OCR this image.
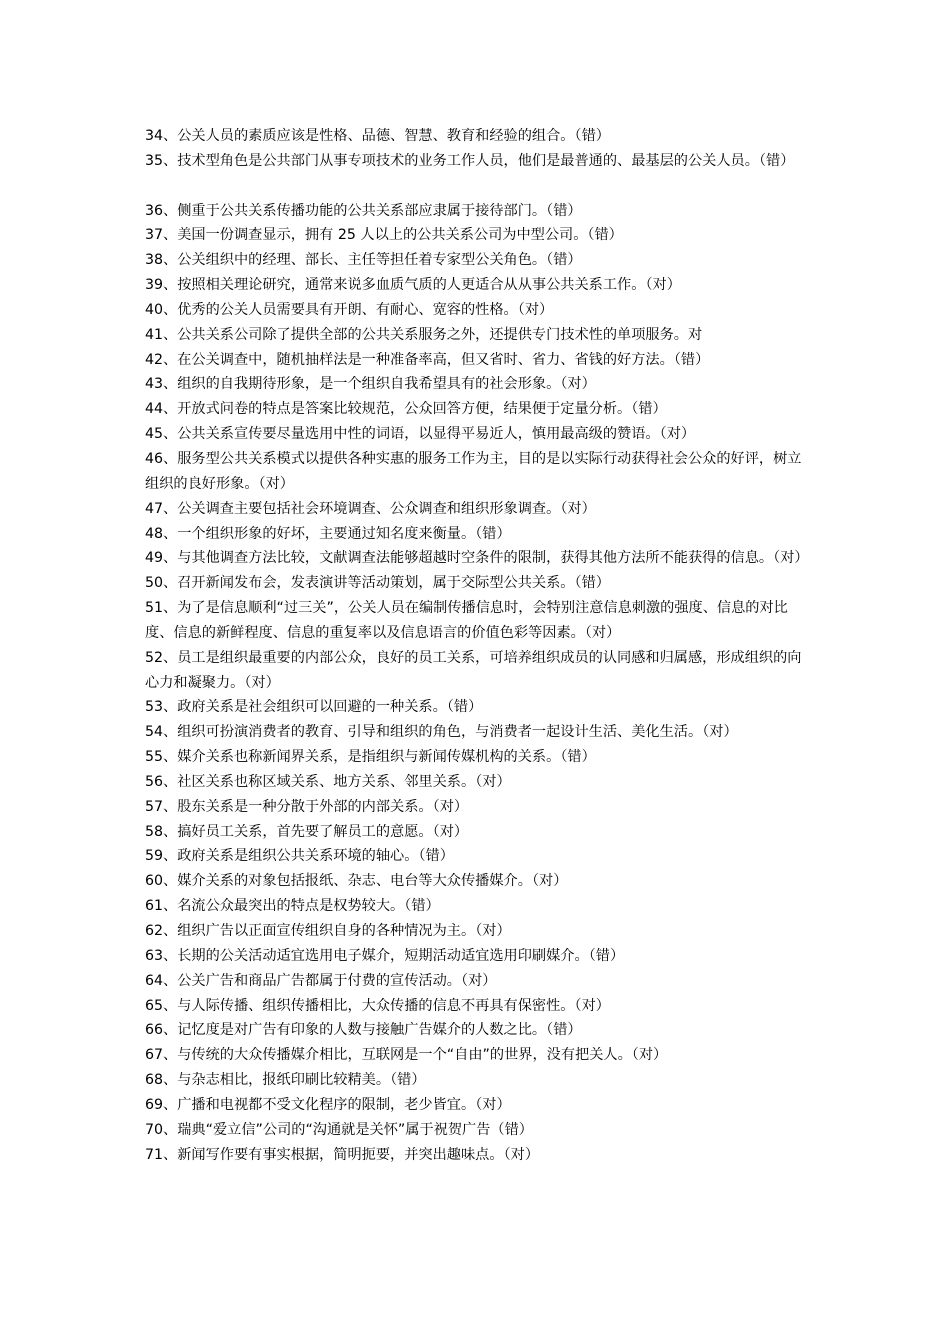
34、公关人员的素质应该是性格、品德、智慧、教育和经验的组合。（错）

35、技术型角色是公共部门从事专项技术的业务工作人员，他们是最普通的、最基层的公关人员。（错）

36、侧重于公共关系传播功能的公共关系部应隶属于接待部门。（错）

37、美国一份调查显示，拥有 25 人以上的公共关系公司为中型公司。（错）

38、公关组织中的经理、部长、主任等担任着专家型公关角色。（错）

39、按照相关理论研究，通常来说多血质气质的人更适合从从事公共关系工作。（对）

40、优秀的公关人员需要具有开朗、有耐心、宽容的性格。（对）

41、公共关系公司除了提供全部的公共关系服务之外，还提供专门技术性的单项服务。对

42、在公关调查中，随机抽样法是一种准备率高，但又省时、省力、省钱的好方法。（错）

43、组织的自我期待形象，是一个组织自我希望具有的社会形象。（对）

44、开放式问卷的特点是答案比较规范，公众回答方便，结果便于定量分析。（错）

45、公共关系宣传要尽量选用中性的词语，以显得平易近人，慎用最高级的赞语。（对）

46、服务型公共关系模式以提供各种实惠的服务工作为主，目的是以实际行动获得社会公众的好评，树立组织的良好形象。（对）

47、公关调查主要包括社会环境调查、公众调查和组织形象调查。（对）

48、一个组织形象的好坏，主要通过知名度来衡量。（错）

49、与其他调查方法比较，文献调查法能够超越时空条件的限制，获得其他方法所不能获得的信息。（对）

50、召开新闻发布会，发表演讲等活动策划，属于交际型公共关系。（错）

51、为了是信息顺利“过三关”，公关人员在编制传播信息时，会特别注意信息刺激的强度、信息的对比度、信息的新鲜程度、信息的重复率以及信息语言的价值色彩等因素。（对）

52、员工是组织最重要的内部公众，良好的员工关系，可培养组织成员的认同感和归属感，形成组织的向心力和凝聚力。（对）

53、政府关系是社会组织可以回避的一种关系。（错）

54、组织可扮演消费者的教育、引导和组织的角色，与消费者一起设计生活、美化生活。（对）

55、媒介关系也称新闻界关系，是指组织与新闻传媒机构的关系。（错）

56、社区关系也称区域关系、地方关系、邻里关系。（对）

57、股东关系是一种分散于外部的内部关系。（对）

58、搞好员工关系，首先要了解员工的意愿。（对）

59、政府关系是组织公共关系环境的轴心。（错）

60、媒介关系的对象包括报纸、杂志、电台等大众传播媒介。（对）

61、名流公众最突出的特点是权势较大。（错）

62、组织广告以正面宣传组织自身的各种情况为主。（对）

63、长期的公关活动适宜选用电子媒介，短期活动适宜选用印刷媒介。（错）

64、公关广告和商品广告都属于付费的宣传活动。（对）

65、与人际传播、组织传播相比，大众传播的信息不再具有保密性。（对）

66、记忆度是对广告有印象的人数与接触广告媒介的人数之比。（错）

67、与传统的大众传播媒介相比，互联网是一个“自由”的世界，没有把关人。（对）

68、与杂志相比，报纸印刷比较精美。（错）

69、广播和电视都不受文化程序的限制，老少皆宜。（对）

70、瑞典“爱立信”公司的“沟通就是关怀”属于祝贺广告（错）

71、新闻写作要有事实根据，简明扼要，并突出趣味点。（对）
